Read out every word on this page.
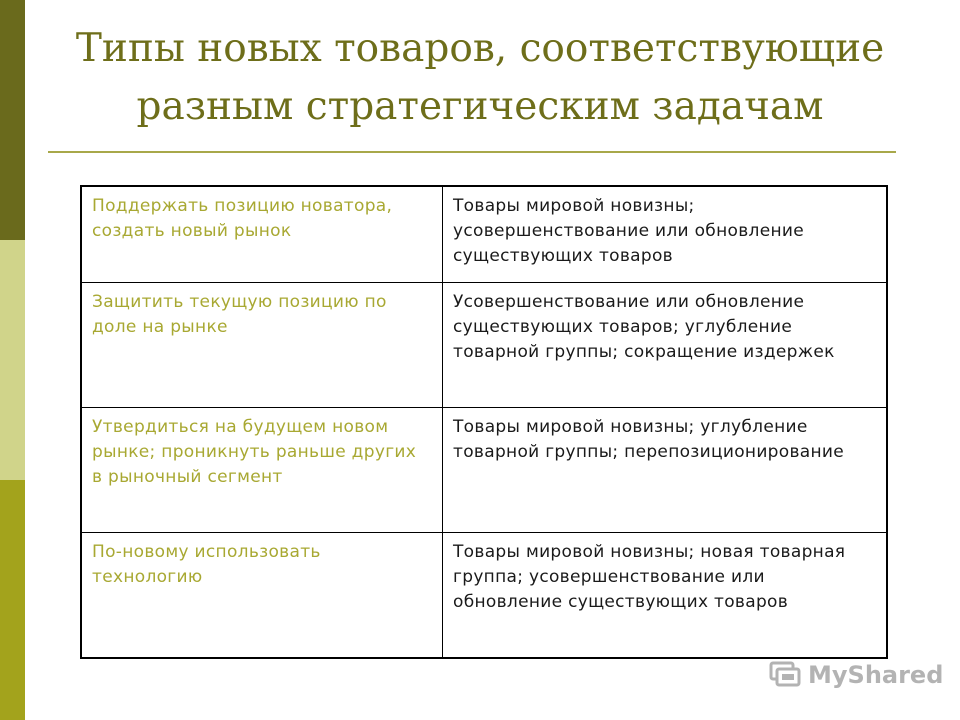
Типы новых товаров, соответствующие
разным стратегическим задачам
Поддержать позицию новатора, создать новый рынок	Товары мировой новизны; усовершенствование или обновление существующих товаров
Защитить текущую позицию по доле на рынке	Усовершенствование или обновление существующих товаров; углубление товарной группы; сокращение издержек
Утвердиться на будущем новом рынке; проникнуть раньше других в рыночный сегмент	Товары мировой новизны; углубление товарной группы; перепозиционирование
По-новому использовать технологию	Товары мировой новизны; новая товарная группа; усовершенствование или обновление существующих товаров
MyShared
